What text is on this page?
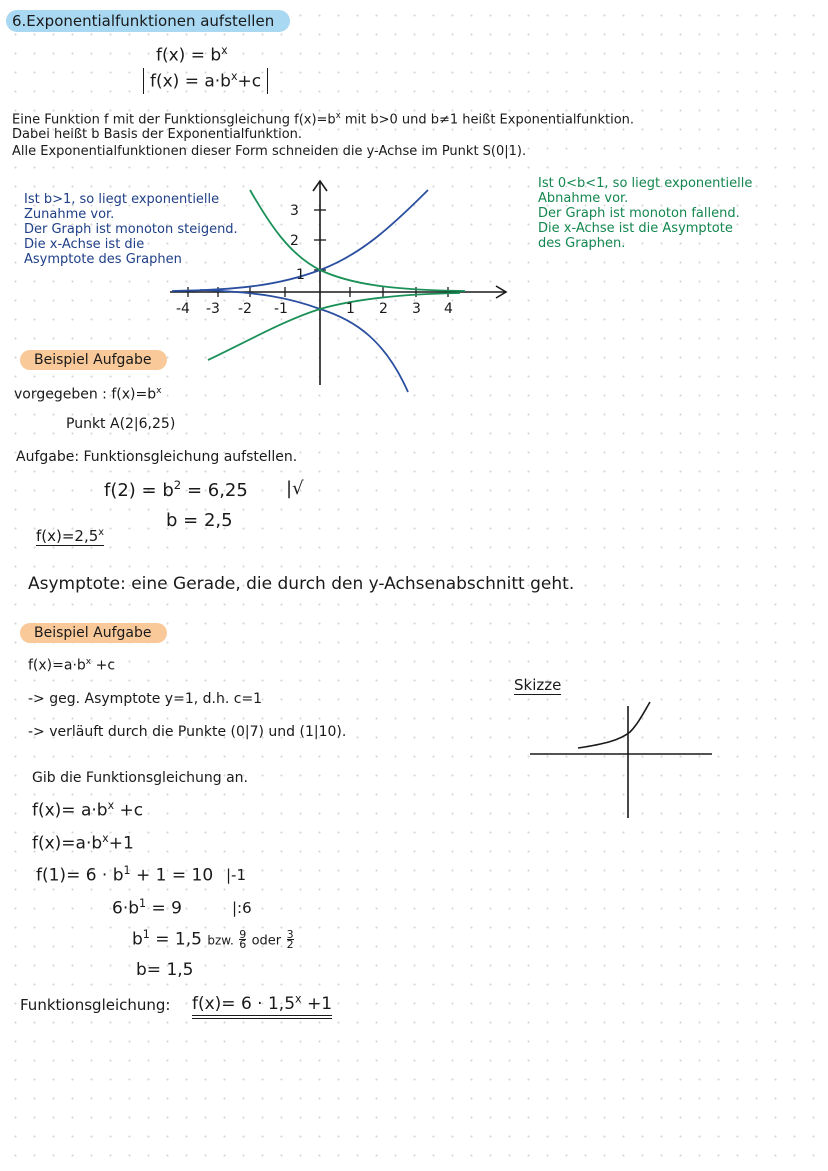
6.Exponentialfunktionen aufstellen
$f(x) = b^x$
$f(x) = a\cdot b^x+c$
Eine Funktion f mit der Funktionsgleichung $f(x)=b^x$ mit b>0 und b≠1 heißt Exponentialfunktion.
Dabei heißt b Basis der Exponentialfunktion.
Alle Exponentialfunktionen dieser Form schneiden die y-Achse im Punkt S(0|1).
Ist b>1, so liegt exponentielle
Zunahme vor.
Der Graph ist monoton steigend.
Die x-Achse ist die
Asymptote des Graphen
Ist 0<b<1, so liegt exponentielle
Abnahme vor.
Der Graph ist monoton fallend.
Die x-Achse ist die Asymptote
des Graphen.
3
2
1
-4 -3 -2 -1	1 2 3 4
Beispiel Aufgabe
vorgegeben : $f(x)=b^x$
Punkt A(2|6,25)
Aufgabe: Funktionsgleichung aufstellen.
$f(2) = b^2 = 6,25$ |√
b = 2,5
$f(x)=2,5^x$
Asymptote: eine Gerade, die durch den y-Achsenabschnitt geht.
Beispiel Aufgabe
$f(x)=a\cdot b^x +c$
-> geg. Asymptote y=1, d.h. c=1
-> verläuft durch die Punkte (0|7) und (1|10).
Gib die Funktionsgleichung an.
$f(x)= a\cdot b^x +c$
$f(x)=a\cdot b^x+1$
$f(1)= 6 \cdot b^1 + 1 = 10$ |-1
$6\cdot b^1 = 9$	|:6
$b^1 = 1,5$ bzw. $\frac{9}{6}$ oder $\frac{3}{2}$
b= 1,5
Funktionsgleichung: $f(x)= 6 \cdot 1,5^x +1$
Skizze
